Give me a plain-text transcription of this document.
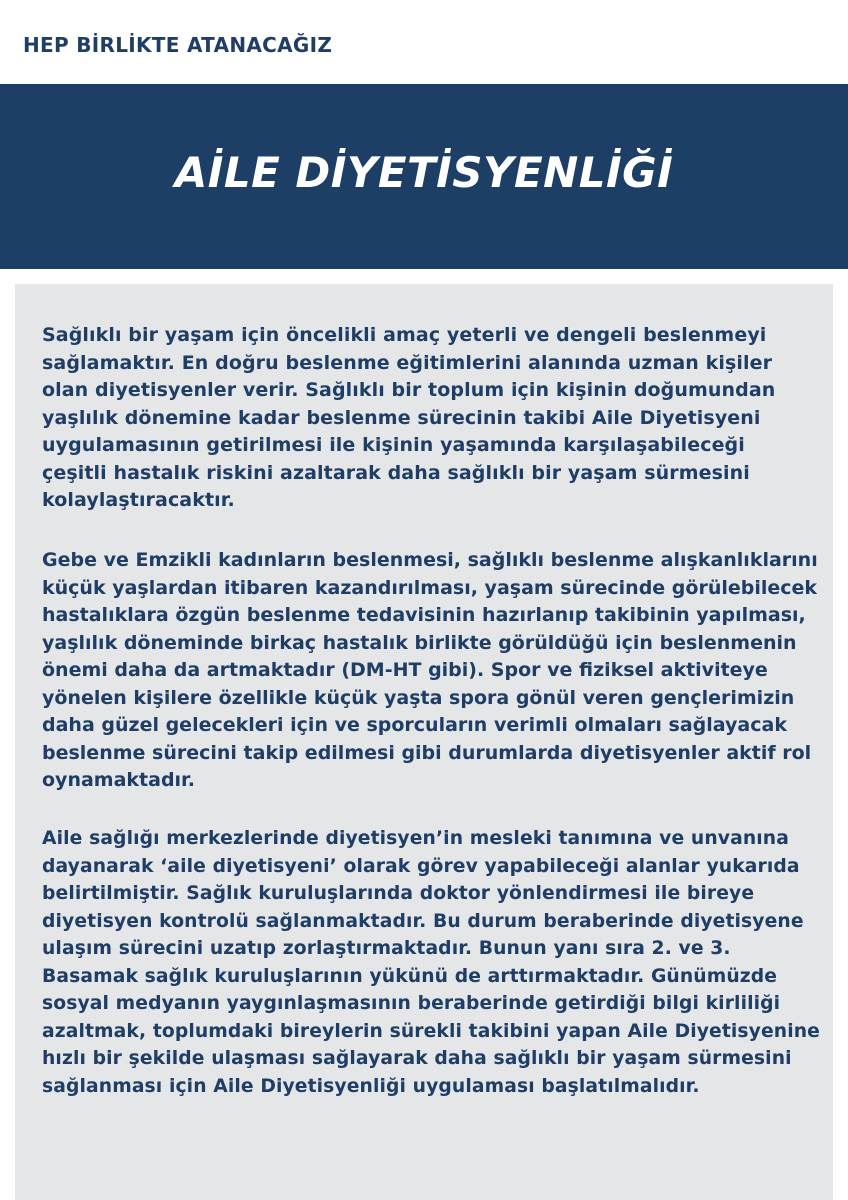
HEP BİRLİKTE ATANACAĞIZ
AİLE DİYETİSYENLİĞİ
Sağlıklı bir yaşam için öncelikli amaç yeterli ve dengeli beslenmeyi
sağlamaktır. En doğru beslenme eğitimlerini alanında uzman kişiler
olan diyetisyenler verir. Sağlıklı bir toplum için kişinin doğumundan
yaşlılık dönemine kadar beslenme sürecinin takibi Aile Diyetisyeni
uygulamasının getirilmesi ile kişinin yaşamında karşılaşabileceği
çeşitli hastalık riskini azaltarak daha sağlıklı bir yaşam sürmesini
kolaylaştıracaktır.
Gebe ve Emzikli kadınların beslenmesi, sağlıklı beslenme alışkanlıklarını
küçük yaşlardan itibaren kazandırılması, yaşam sürecinde görülebilecek
hastalıklara özgün beslenme tedavisinin hazırlanıp takibinin yapılması,
yaşlılık döneminde birkaç hastalık birlikte görüldüğü için beslenmenin
önemi daha da artmaktadır (DM-HT gibi). Spor ve fiziksel aktiviteye
yönelen kişilere özellikle küçük yaşta spora gönül veren gençlerimizin
daha güzel gelecekleri için ve sporcuların verimli olmaları sağlayacak
beslenme sürecini takip edilmesi gibi durumlarda diyetisyenler aktif rol
oynamaktadır.
Aile sağlığı merkezlerinde diyetisyen’in mesleki tanımına ve unvanına
dayanarak ‘aile diyetisyeni’ olarak görev yapabileceği alanlar yukarıda
belirtilmiştir. Sağlık kuruluşlarında doktor yönlendirmesi ile bireye
diyetisyen kontrolü sağlanmaktadır. Bu durum beraberinde diyetisyene
ulaşım sürecini uzatıp zorlaştırmaktadır. Bunun yanı sıra 2. ve 3.
Basamak sağlık kuruluşlarının yükünü de arttırmaktadır. Günümüzde
sosyal medyanın yaygınlaşmasının beraberinde getirdiği bilgi kirliliği
azaltmak, toplumdaki bireylerin sürekli takibini yapan Aile Diyetisyenine
hızlı bir şekilde ulaşması sağlayarak daha sağlıklı bir yaşam sürmesini
sağlanması için Aile Diyetisyenliği uygulaması başlatılmalıdır.
